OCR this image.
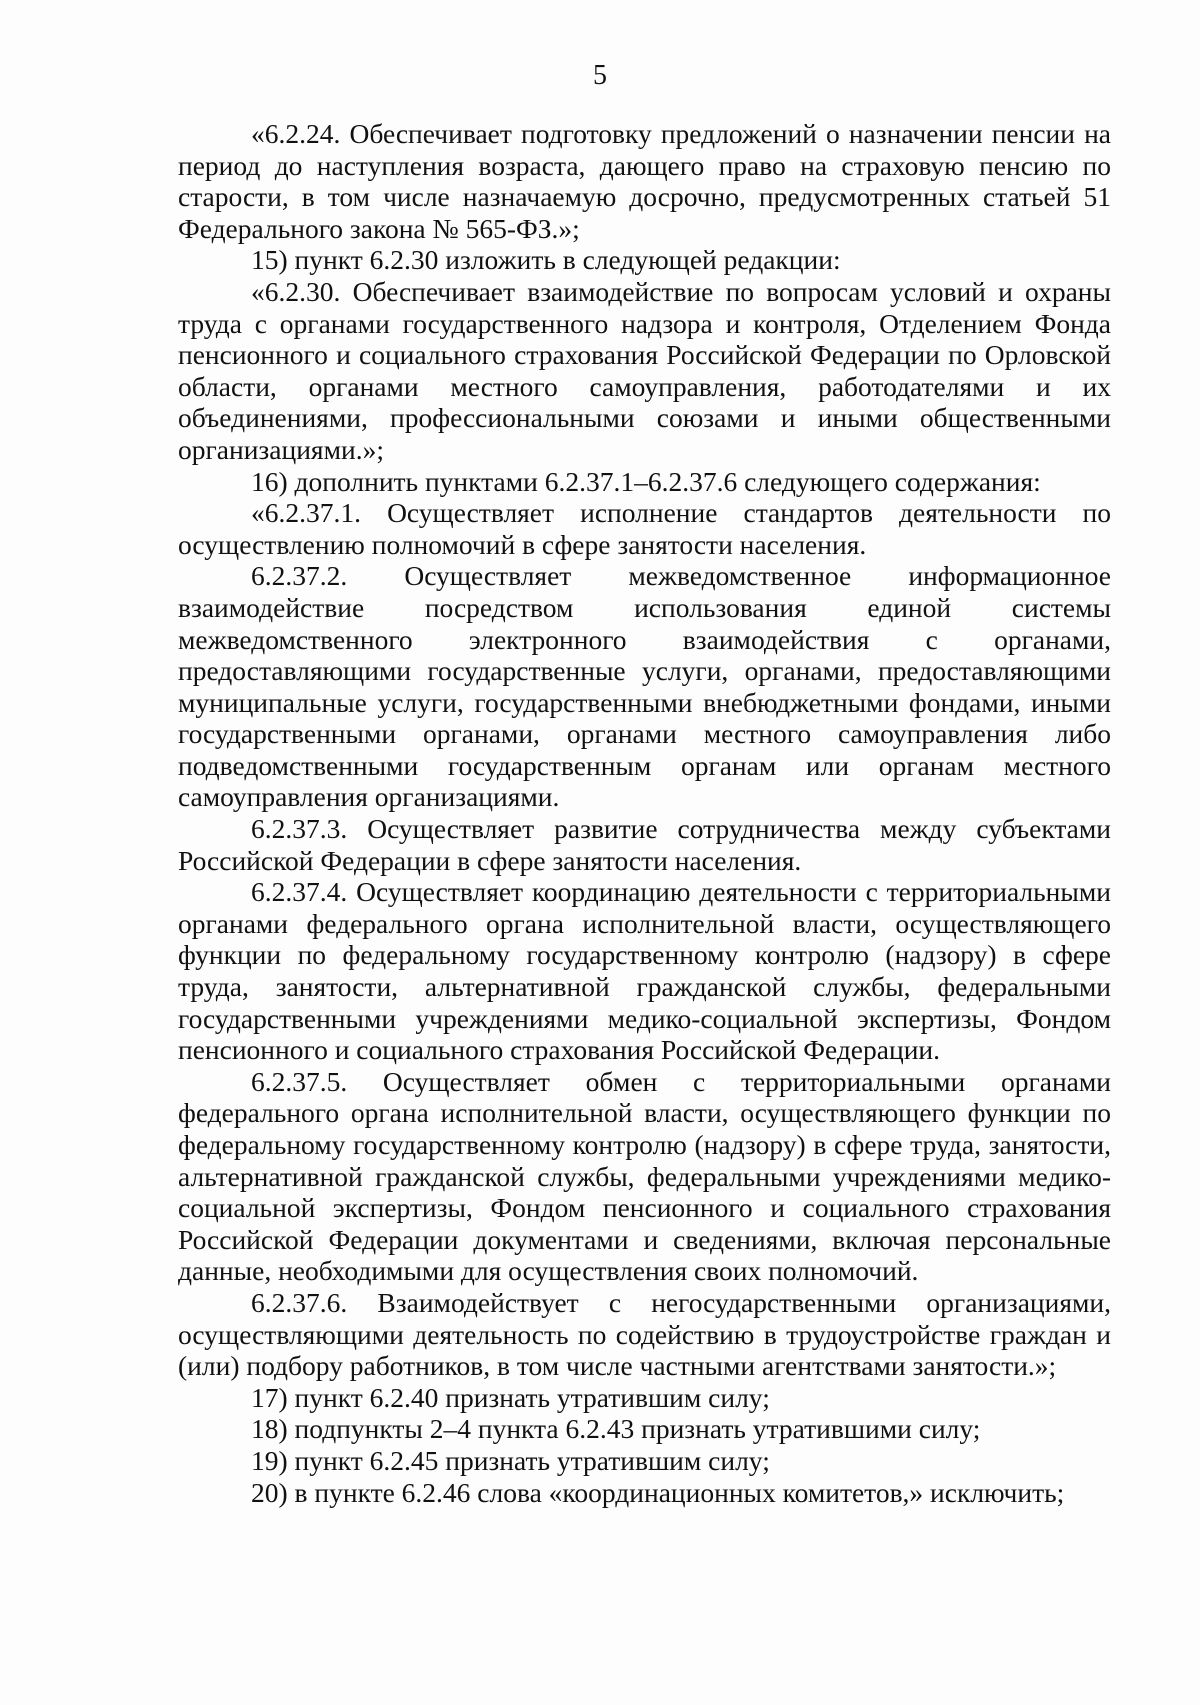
5

«6.2.24. Обеспечивает подготовку предложений о назначении пенсии на период до наступления возраста, дающего право на страховую пенсию по старости, в том числе назначаемую досрочно, предусмотренных статьей 51 Федерального закона № 565-ФЗ.»;

15) пункт 6.2.30 изложить в следующей редакции:

«6.2.30. Обеспечивает взаимодействие по вопросам условий и охраны труда с органами государственного надзора и контроля, Отделением Фонда пенсионного и социального страхования Российской Федерации по Орловской области, органами местного самоуправления, работодателями и их объединениями, профессиональными союзами и иными общественными организациями.»;

16) дополнить пунктами 6.2.37.1–6.2.37.6 следующего содержания:

«6.2.37.1. Осуществляет исполнение стандартов деятельности по осуществлению полномочий в сфере занятости населения.

6.2.37.2. Осуществляет межведомственное информационное взаимодействие посредством использования единой системы межведомственного электронного взаимодействия с органами, предоставляющими государственные услуги, органами, предоставляющими муниципальные услуги, государственными внебюджетными фондами, иными государственными органами, органами местного самоуправления либо подведомственными государственным органам или органам местного самоуправления организациями.

6.2.37.3. Осуществляет развитие сотрудничества между субъектами Российской Федерации в сфере занятости населения.

6.2.37.4. Осуществляет координацию деятельности с территориальными органами федерального органа исполнительной власти, осуществляющего функции по федеральному государственному контролю (надзору) в сфере труда, занятости, альтернативной гражданской службы, федеральными государственными учреждениями медико-социальной экспертизы, Фондом пенсионного и социального страхования Российской Федерации.

6.2.37.5. Осуществляет обмен с территориальными органами федерального органа исполнительной власти, осуществляющего функции по федеральному государственному контролю (надзору) в сфере труда, занятости, альтернативной гражданской службы, федеральными учреждениями медико-социальной экспертизы, Фондом пенсионного и социального страхования Российской Федерации документами и сведениями, включая персональные данные, необходимыми для осуществления своих полномочий.

6.2.37.6. Взаимодействует с негосударственными организациями, осуществляющими деятельность по содействию в трудоустройстве граждан и (или) подбору работников, в том числе частными агентствами занятости.»;

17) пункт 6.2.40 признать утратившим силу;

18) подпункты 2–4 пункта 6.2.43 признать утратившими силу;

19) пункт 6.2.45 признать утратившим силу;

20) в пункте 6.2.46 слова «координационных комитетов,» исключить;
